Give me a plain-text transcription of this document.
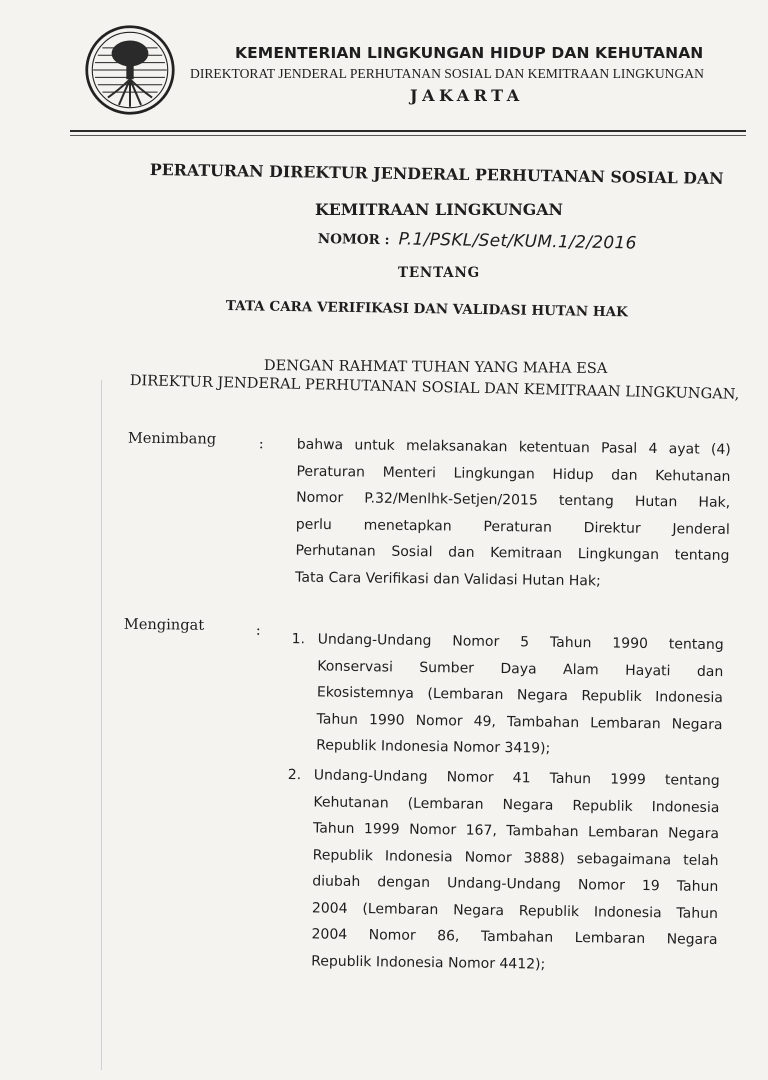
KEMENTERIAN LINGKUNGAN HIDUP DAN KEHUTANAN
DIREKTORAT JENDERAL PERHUTANAN SOSIAL DAN KEMITRAAN LINGKUNGAN
JAKARTA
PERATURAN DIREKTUR JENDERAL PERHUTANAN SOSIAL DAN
KEMITRAAN LINGKUNGAN
NOMOR : P.1/PSKL/Set/KUM.1/2/2016
TENTANG
TATA CARA VERIFIKASI DAN VALIDASI HUTAN HAK
DENGAN RAHMAT TUHAN YANG MAHA ESA
DIREKTUR JENDERAL PERHUTANAN SOSIAL DAN KEMITRAAN LINGKUNGAN,
Menimbang	: bahwa untuk melaksanakan ketentuan Pasal 4 ayat (4)
Peraturan Menteri Lingkungan Hidup dan Kehutanan
Nomor P.32/Menlhk-Setjen/2015 tentang Hutan Hak,
perlu menetapkan Peraturan Direktur Jenderal
Perhutanan Sosial dan Kemitraan Lingkungan tentang
Tata Cara Verifikasi dan Validasi Hutan Hak;
Mengingat	:
1. Undang-Undang Nomor 5 Tahun 1990 tentang
Konservasi Sumber Daya Alam Hayati dan
Ekosistemnya (Lembaran Negara Republik Indonesia
Tahun 1990 Nomor 49, Tambahan Lembaran Negara
Republik Indonesia Nomor 3419);
2. Undang-Undang Nomor 41 Tahun 1999 tentang
Kehutanan (Lembaran Negara Republik Indonesia
Tahun 1999 Nomor 167, Tambahan Lembaran Negara
Republik Indonesia Nomor 3888) sebagaimana telah
diubah dengan Undang-Undang Nomor 19 Tahun
2004 (Lembaran Negara Republik Indonesia Tahun
2004 Nomor 86, Tambahan Lembaran Negara
Republik Indonesia Nomor 4412);
